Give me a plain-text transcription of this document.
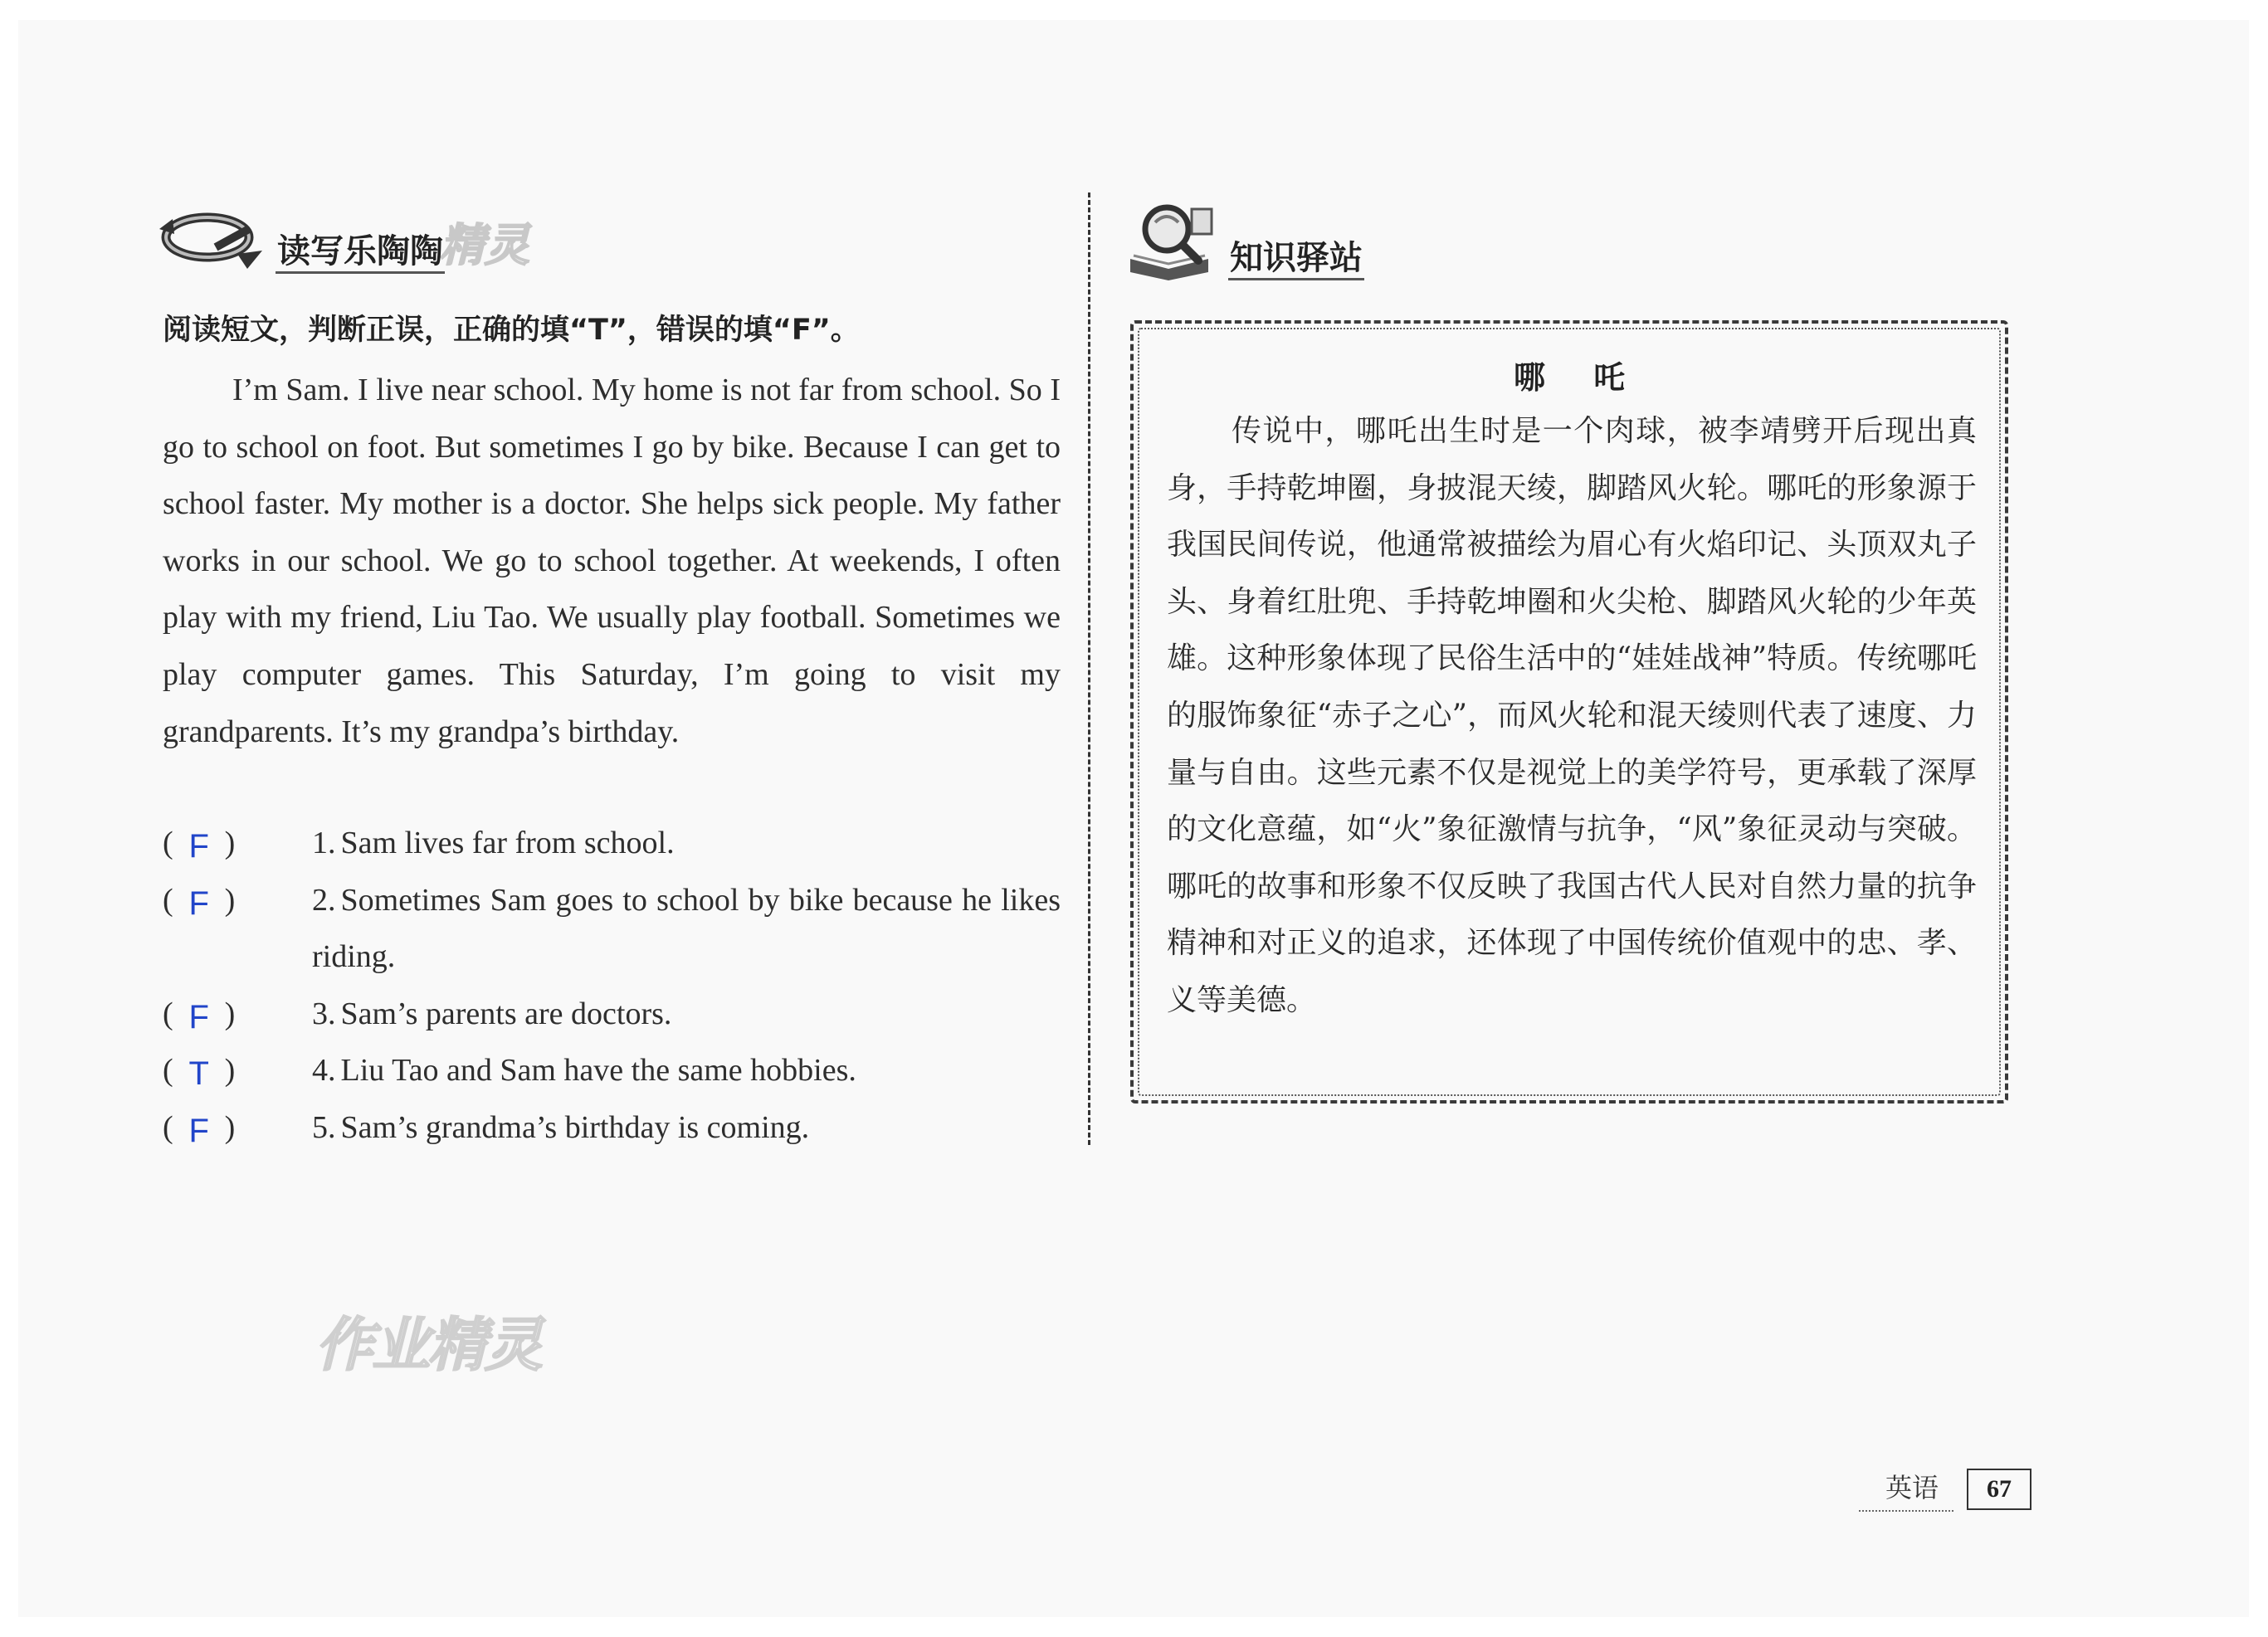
读写乐陶陶
精灵
阅读短文，判断正误，正确的填“T”，错误的填“F”。
I’m Sam. I live near school. My home is not far from school. So I go to school on foot. But sometimes I go by bike. Because I can get to school faster. My mother is a doctor. She helps sick people. My father works in our school. We go to school together. At weekends, I often play with my friend, Liu Tao. We usually play football. Sometimes we play computer games. This Saturday, I’m going to visit my grandparents. It’s my grandpa’s birthday.
( F )	1. Sam lives far from school.
( F )	2. Sometimes Sam goes to school by bike because he likes riding.
( F )	3. Sam’s parents are doctors.
( T )	4. Liu Tao and Sam have the same hobbies.
( F )	5. Sam’s grandma’s birthday is coming.
作业精灵
知识驿站
哪吒
传说中，哪吒出生时是一个肉球，被李靖劈开后现出真身，手持乾坤圈，身披混天绫，脚踏风火轮。哪吒的形象源于我国民间传说，他通常被描绘为眉心有火焰印记、头顶双丸子头、身着红肚兜、手持乾坤圈和火尖枪、脚踏风火轮的少年英雄。这种形象体现了民俗生活中的“娃娃战神”特质。传统哪吒的服饰象征“赤子之心”，而风火轮和混天绫则代表了速度、力量与自由。这些元素不仅是视觉上的美学符号，更承载了深厚的文化意蕴，如“火”象征激情与抗争，“风”象征灵动与突破。哪吒的故事和形象不仅反映了我国古代人民对自然力量的抗争精神和对正义的追求，还体现了中国传统价值观中的忠、孝、义等美德。
英语	67
